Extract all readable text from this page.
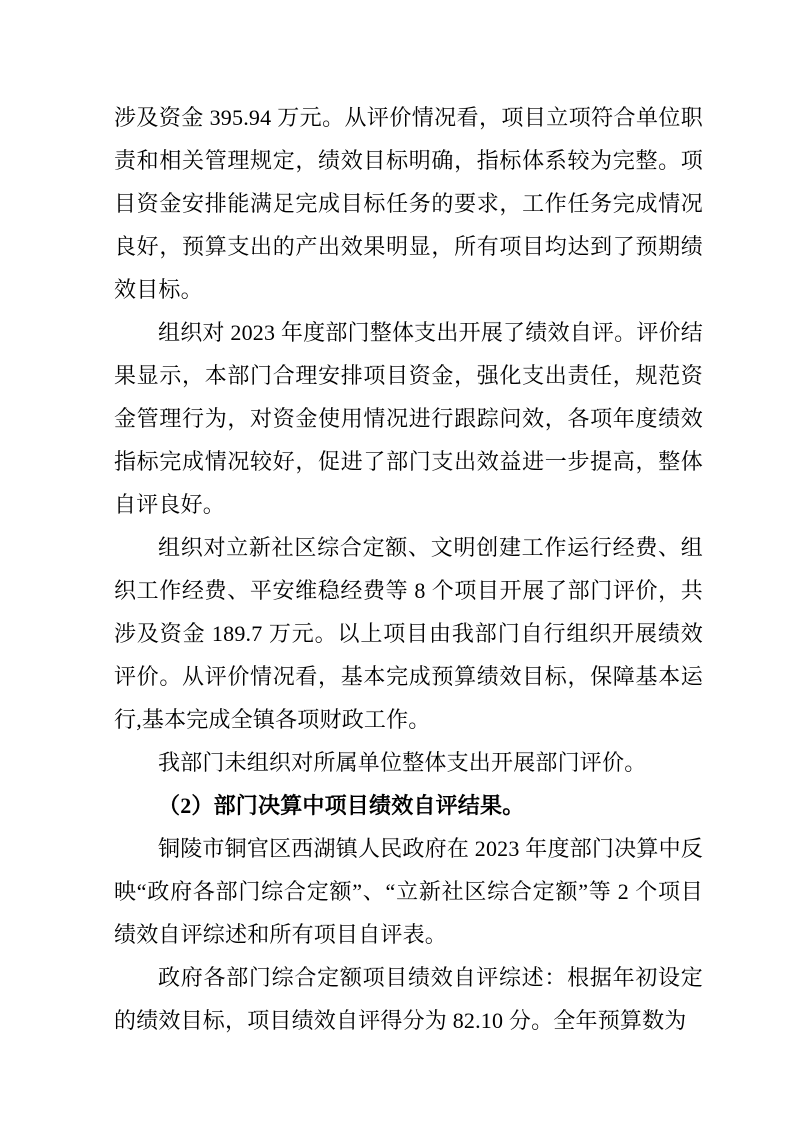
涉及资金 395.94 万元。从评价情况看，项目立项符合单位职责和相关管理规定，绩效目标明确，指标体系较为完整。项目资金安排能满足完成目标任务的要求，工作任务完成情况良好，预算支出的产出效果明显，所有项目均达到了预期绩效目标。

组织对 2023 年度部门整体支出开展了绩效自评。评价结果显示，本部门合理安排项目资金，强化支出责任，规范资金管理行为，对资金使用情况进行跟踪问效，各项年度绩效指标完成情况较好，促进了部门支出效益进一步提高，整体自评良好。

组织对立新社区综合定额、文明创建工作运行经费、组织工作经费、平安维稳经费等 8 个项目开展了部门评价，共涉及资金 189.7 万元。以上项目由我部门自行组织开展绩效评价。从评价情况看，基本完成预算绩效目标，保障基本运行,基本完成全镇各项财政工作。

我部门未组织对所属单位整体支出开展部门评价。

（2）部门决算中项目绩效自评结果。

铜陵市铜官区西湖镇人民政府在 2023 年度部门决算中反映“政府各部门综合定额”、“立新社区综合定额”等 2 个项目绩效自评综述和所有项目自评表。

政府各部门综合定额项目绩效自评综述：根据年初设定的绩效目标，项目绩效自评得分为 82.10 分。全年预算数为
